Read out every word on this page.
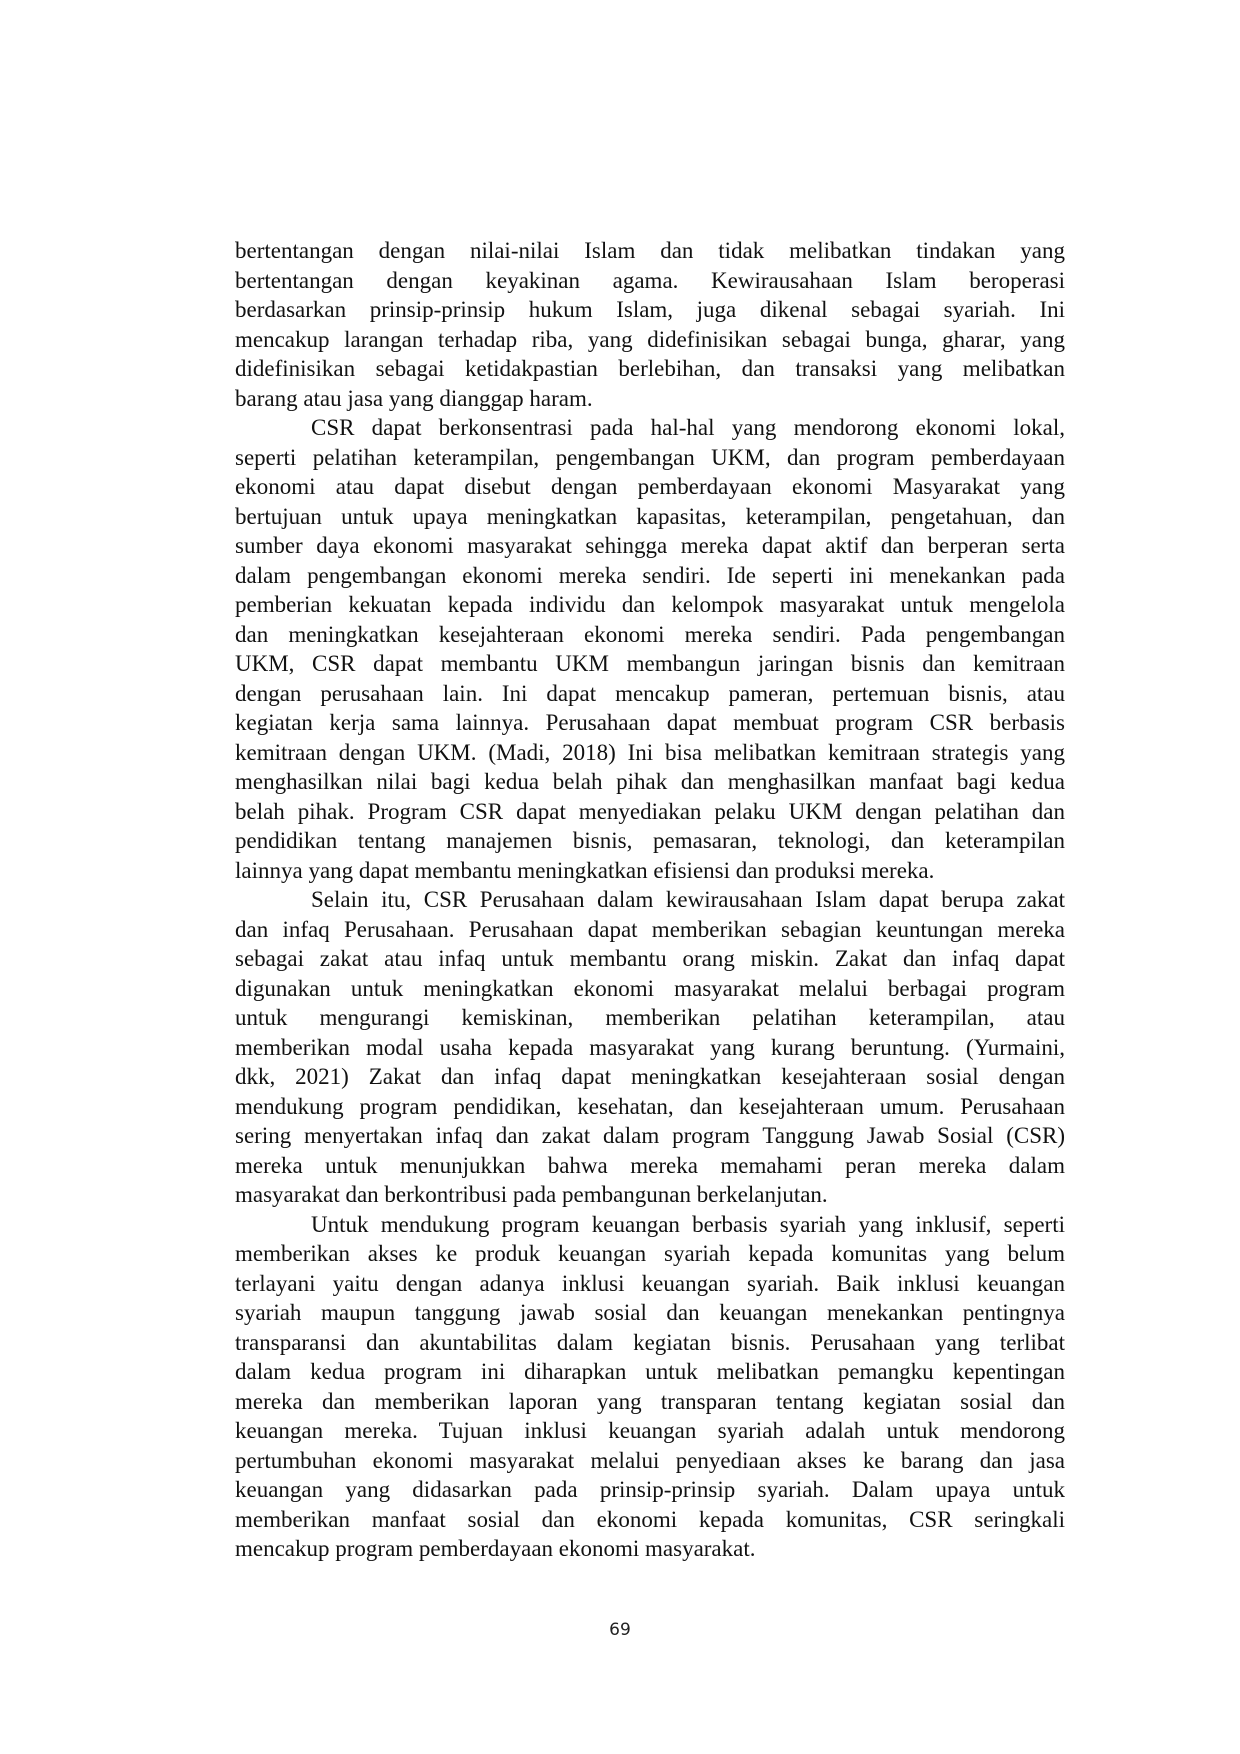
bertentangan dengan nilai-nilai Islam dan tidak melibatkan tindakan yang
bertentangan dengan keyakinan agama. Kewirausahaan Islam beroperasi
berdasarkan prinsip-prinsip hukum Islam, juga dikenal sebagai syariah. Ini
mencakup larangan terhadap riba, yang didefinisikan sebagai bunga, gharar, yang
didefinisikan sebagai ketidakpastian berlebihan, dan transaksi yang melibatkan
barang atau jasa yang dianggap haram.
CSR dapat berkonsentrasi pada hal-hal yang mendorong ekonomi lokal,
seperti pelatihan keterampilan, pengembangan UKM, dan program pemberdayaan
ekonomi atau dapat disebut dengan pemberdayaan ekonomi Masyarakat yang
bertujuan untuk upaya meningkatkan kapasitas, keterampilan, pengetahuan, dan
sumber daya ekonomi masyarakat sehingga mereka dapat aktif dan berperan serta
dalam pengembangan ekonomi mereka sendiri. Ide seperti ini menekankan pada
pemberian kekuatan kepada individu dan kelompok masyarakat untuk mengelola
dan meningkatkan kesejahteraan ekonomi mereka sendiri. Pada pengembangan
UKM, CSR dapat membantu UKM membangun jaringan bisnis dan kemitraan
dengan perusahaan lain. Ini dapat mencakup pameran, pertemuan bisnis, atau
kegiatan kerja sama lainnya. Perusahaan dapat membuat program CSR berbasis
kemitraan dengan UKM. (Madi, 2018) Ini bisa melibatkan kemitraan strategis yang
menghasilkan nilai bagi kedua belah pihak dan menghasilkan manfaat bagi kedua
belah pihak. Program CSR dapat menyediakan pelaku UKM dengan pelatihan dan
pendidikan tentang manajemen bisnis, pemasaran, teknologi, dan keterampilan
lainnya yang dapat membantu meningkatkan efisiensi dan produksi mereka.
Selain itu, CSR Perusahaan dalam kewirausahaan Islam dapat berupa zakat
dan infaq Perusahaan. Perusahaan dapat memberikan sebagian keuntungan mereka
sebagai zakat atau infaq untuk membantu orang miskin. Zakat dan infaq dapat
digunakan untuk meningkatkan ekonomi masyarakat melalui berbagai program
untuk mengurangi kemiskinan, memberikan pelatihan keterampilan, atau
memberikan modal usaha kepada masyarakat yang kurang beruntung. (Yurmaini,
dkk, 2021) Zakat dan infaq dapat meningkatkan kesejahteraan sosial dengan
mendukung program pendidikan, kesehatan, dan kesejahteraan umum. Perusahaan
sering menyertakan infaq dan zakat dalam program Tanggung Jawab Sosial (CSR)
mereka untuk menunjukkan bahwa mereka memahami peran mereka dalam
masyarakat dan berkontribusi pada pembangunan berkelanjutan.
Untuk mendukung program keuangan berbasis syariah yang inklusif, seperti
memberikan akses ke produk keuangan syariah kepada komunitas yang belum
terlayani yaitu dengan adanya inklusi keuangan syariah. Baik inklusi keuangan
syariah maupun tanggung jawab sosial dan keuangan menekankan pentingnya
transparansi dan akuntabilitas dalam kegiatan bisnis. Perusahaan yang terlibat
dalam kedua program ini diharapkan untuk melibatkan pemangku kepentingan
mereka dan memberikan laporan yang transparan tentang kegiatan sosial dan
keuangan mereka. Tujuan inklusi keuangan syariah adalah untuk mendorong
pertumbuhan ekonomi masyarakat melalui penyediaan akses ke barang dan jasa
keuangan yang didasarkan pada prinsip-prinsip syariah. Dalam upaya untuk
memberikan manfaat sosial dan ekonomi kepada komunitas, CSR seringkali
mencakup program pemberdayaan ekonomi masyarakat.
69
